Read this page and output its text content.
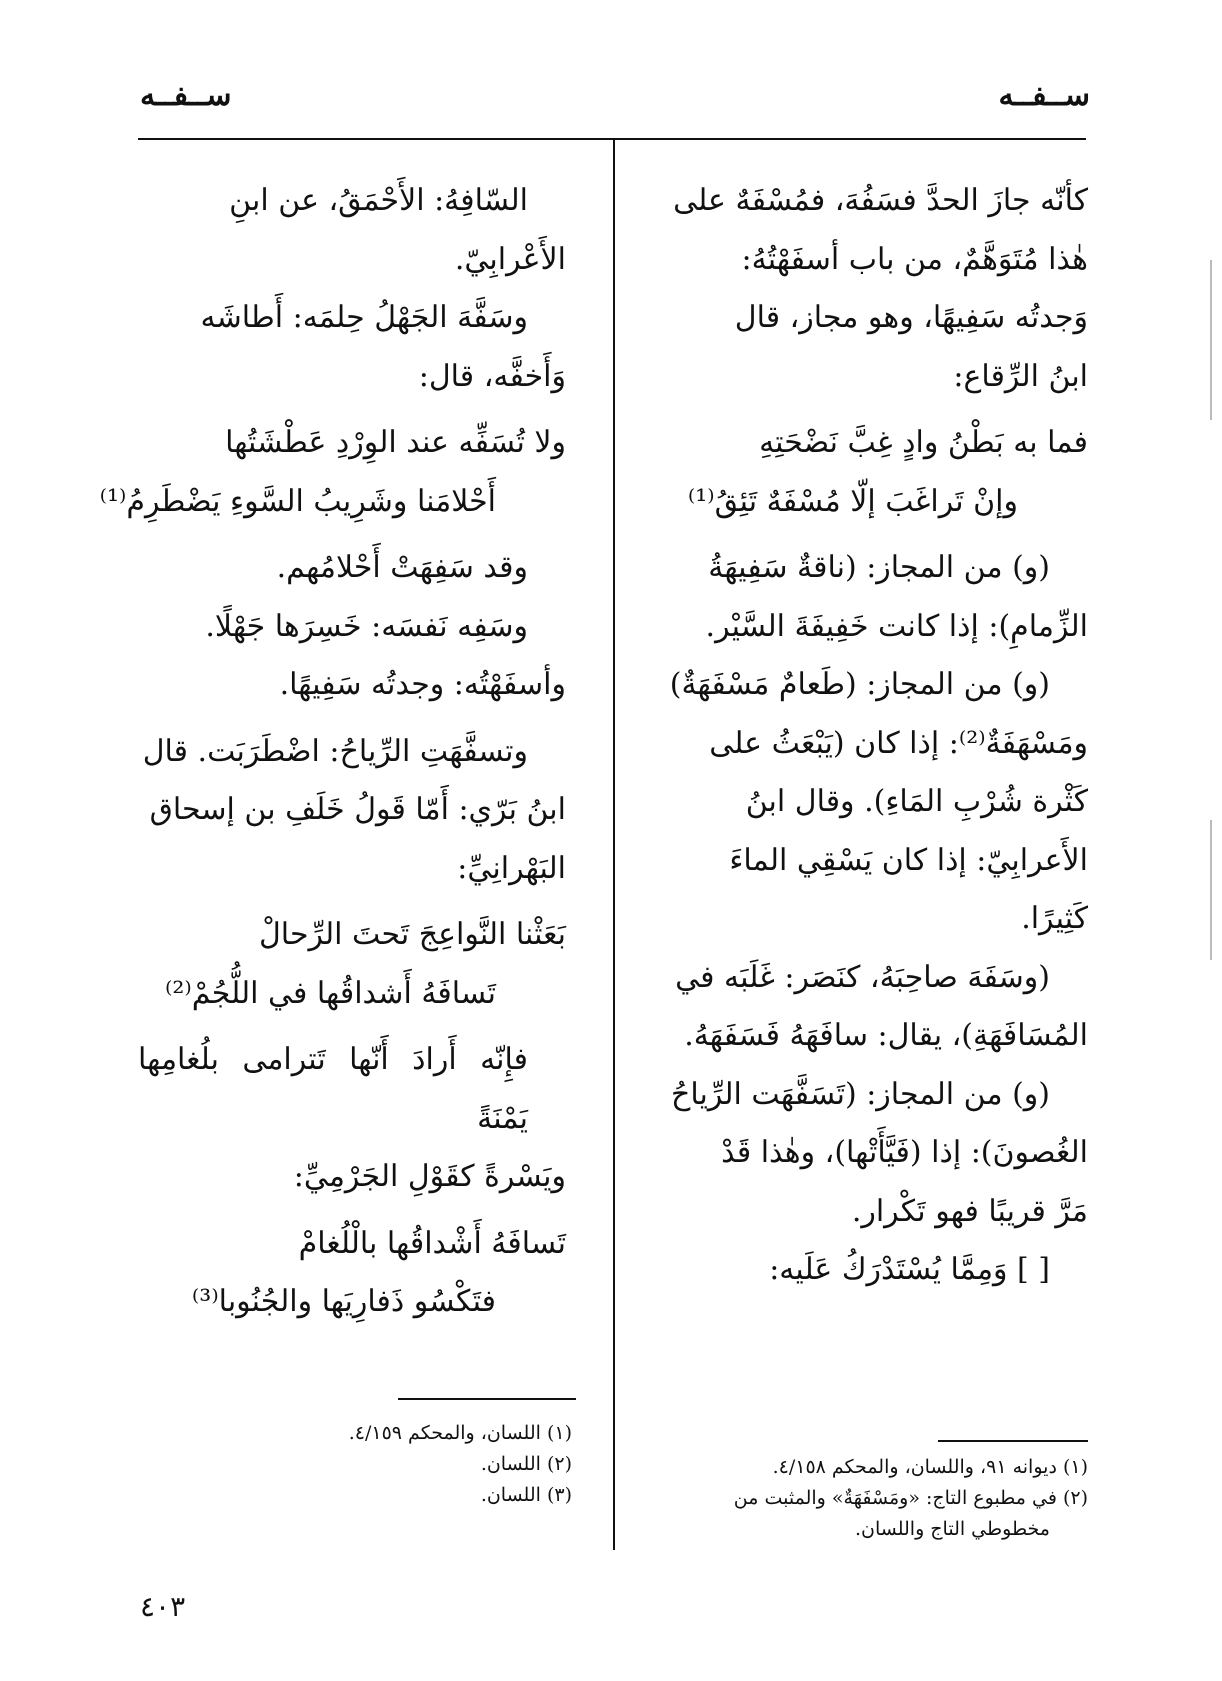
ســفــه
ســفــه

كأنّه جازَ الحدَّ فسَفُهَ، فمُسْفَهٌ على

هٰذا مُتَوَهَّمٌ، من باب أسفَهْتُهُ:

وَجدتُه سَفِيهًا، وهو مجاز، قال

ابنُ الرِّقاع:

فما به بَطْنُ وادٍ غِبَّ نَضْحَتِهِ

وإنْ تَراغَبَ إلّا مُسْفَهٌ تَئِقُ⁽¹⁾

(و) من المجاز: (ناقةٌ سَفِيهَةُ

الزِّمامِ): إذا كانت خَفِيفَةَ السَّيْر.

(و) من المجاز: (طَعامٌ مَسْفَهَةٌ)

ومَسْهَفَةٌ⁽²⁾: إذا كان (يَبْعَثُ على

كَثْرة شُرْبِ المَاءِ). وقال ابنُ

الأَعرابِيّ: إذا كان يَسْقِي الماءَ

كَثِيرًا.

(وسَفَهَ صاحِبَهُ، كنَصَر: غَلَبَه في

المُسَافَهَةِ)، يقال: سافَهَهُ فَسَفَهَهُ.

(و) من المجاز: (تَسَفَّهَت الرِّياحُ

الغُصونَ): إذا (فَيَّأَتْها)، وهٰذا قَدْ

مَرَّ قريبًا فهو تَكْرار.

[ ] وَمِمَّا يُسْتَدْرَكُ عَلَيه:

(١) ديوانه ٩١، واللسان، والمحكم ٤/١٥٨.

(٢) في مطبوع التاج: «ومَسْفَهَةٌ» والمثبت من

مخطوطي التاج واللسان.

السّافِهُ: الأَحْمَقُ، عن ابنِ

الأَعْرابِيّ.

وسَفَّهَ الجَهْلُ حِلمَه: أَطاشَه

وَأَخفَّه، قال:

ولا تُسَفِّه عند الوِرْدِ عَطْشَتُها

أَحْلامَنا وشَرِيبُ السَّوءِ يَضْطَرِمُ⁽¹⁾

وقد سَفِهَتْ أَحْلامُهم.

وسَفِه نَفسَه: خَسِرَها جَهْلًا.

وأسفَهْتُه: وجدتُه سَفِيهًا.

وتسفَّهَتِ الرِّياحُ: اضْطَرَبَت. قال

ابنُ بَرّي: أَمّا قَولُ خَلَفِ بن إسحاق

البَهْرانِيِّ:

بَعَثْنا النَّواعِجَ تَحتَ الرِّحالْ

تَسافَهُ أَشداقُها في اللُّجُمْ⁽²⁾

فإِنّه أَرادَ أَنّها تَترامى بلُغامِها يَمْنَةً

ويَسْرةً كقَوْلِ الجَرْمِيِّ:

تَسافَهُ أَشْداقُها بالْلُغامْ

فتَكْسُو ذَفارِيَها والجُنُوبا⁽³⁾

(١) اللسان، والمحكم ٤/١٥٩.

(٢) اللسان.

(٣) اللسان.

٤٠٣
